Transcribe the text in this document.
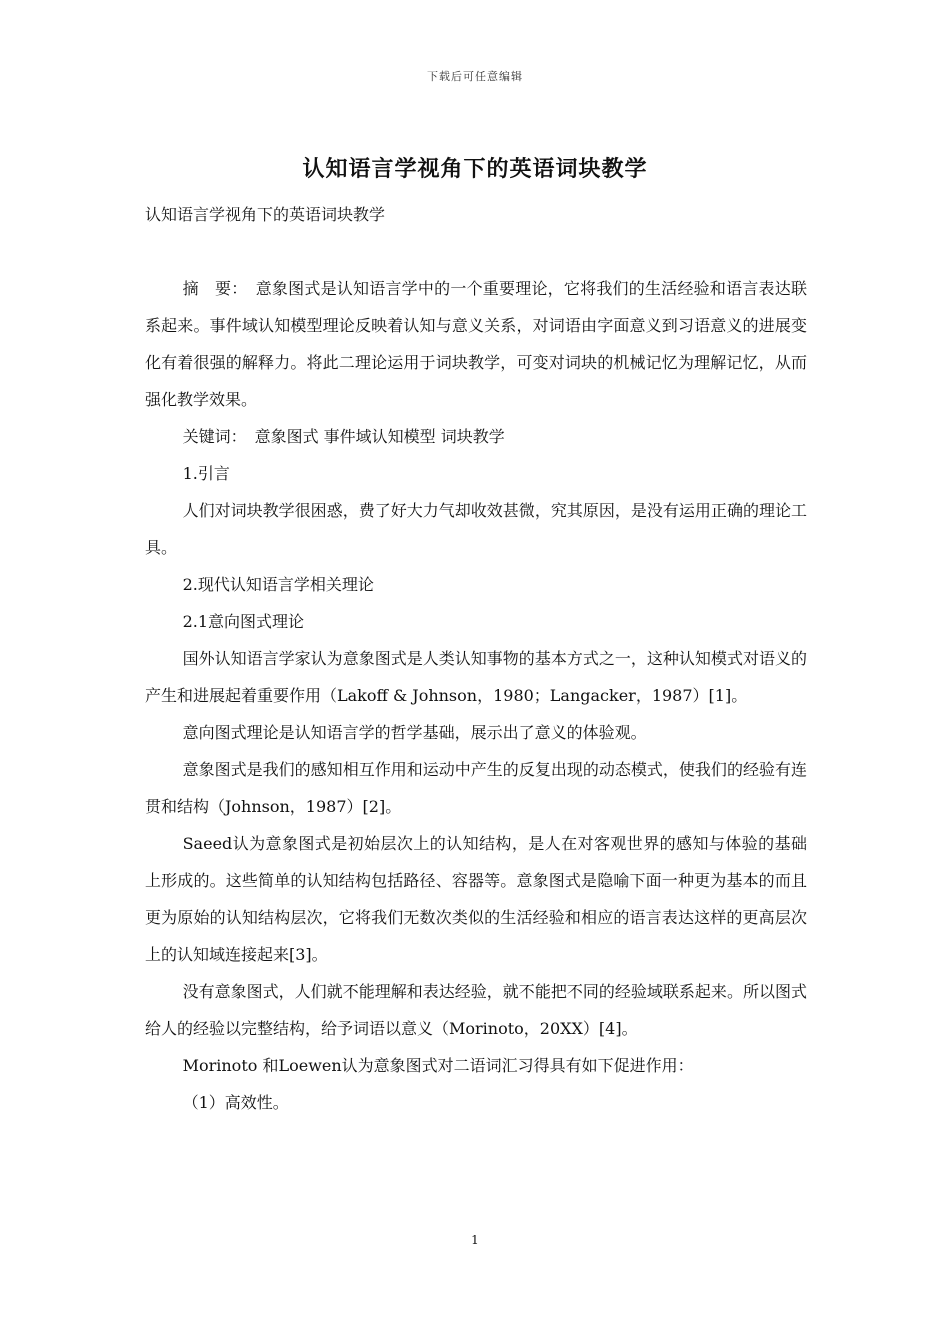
下载后可任意编辑
认知语言学视角下的英语词块教学
认知语言学视角下的英语词块教学

摘　要：　意象图式是认知语言学中的一个重要理论，它将我们的生活经验和语言表达联系起来。事件域认知模型理论反映着认知与意义关系，对词语由字面意义到习语意义的进展变化有着很强的解释力。将此二理论运用于词块教学，可变对词块的机械记忆为理解记忆，从而强化教学效果。

关键词：　意象图式 事件域认知模型 词块教学

1.引言

人们对词块教学很困惑，费了好大力气却收效甚微，究其原因，是没有运用正确的理论工具。

2.现代认知语言学相关理论

2.1意向图式理论

国外认知语言学家认为意象图式是人类认知事物的基本方式之一，这种认知模式对语义的产生和进展起着重要作用（Lakoff & Johnson，1980；Langacker，1987）[1]。

意向图式理论是认知语言学的哲学基础，展示出了意义的体验观。

意象图式是我们的感知相互作用和运动中产生的反复出现的动态模式，使我们的经验有连贯和结构（Johnson，1987）[2]。

Saeed认为意象图式是初始层次上的认知结构，是人在对客观世界的感知与体验的基础上形成的。这些简单的认知结构包括路径、容器等。意象图式是隐喻下面一种更为基本的而且更为原始的认知结构层次，它将我们无数次类似的生活经验和相应的语言表达这样的更高层次上的认知域连接起来[3]。

没有意象图式，人们就不能理解和表达经验，就不能把不同的经验域联系起来。所以图式给人的经验以完整结构，给予词语以意义（Morinoto，20XX）[4]。

Morinoto 和Loewen认为意象图式对二语词汇习得具有如下促进作用：

（1）高效性。

1
